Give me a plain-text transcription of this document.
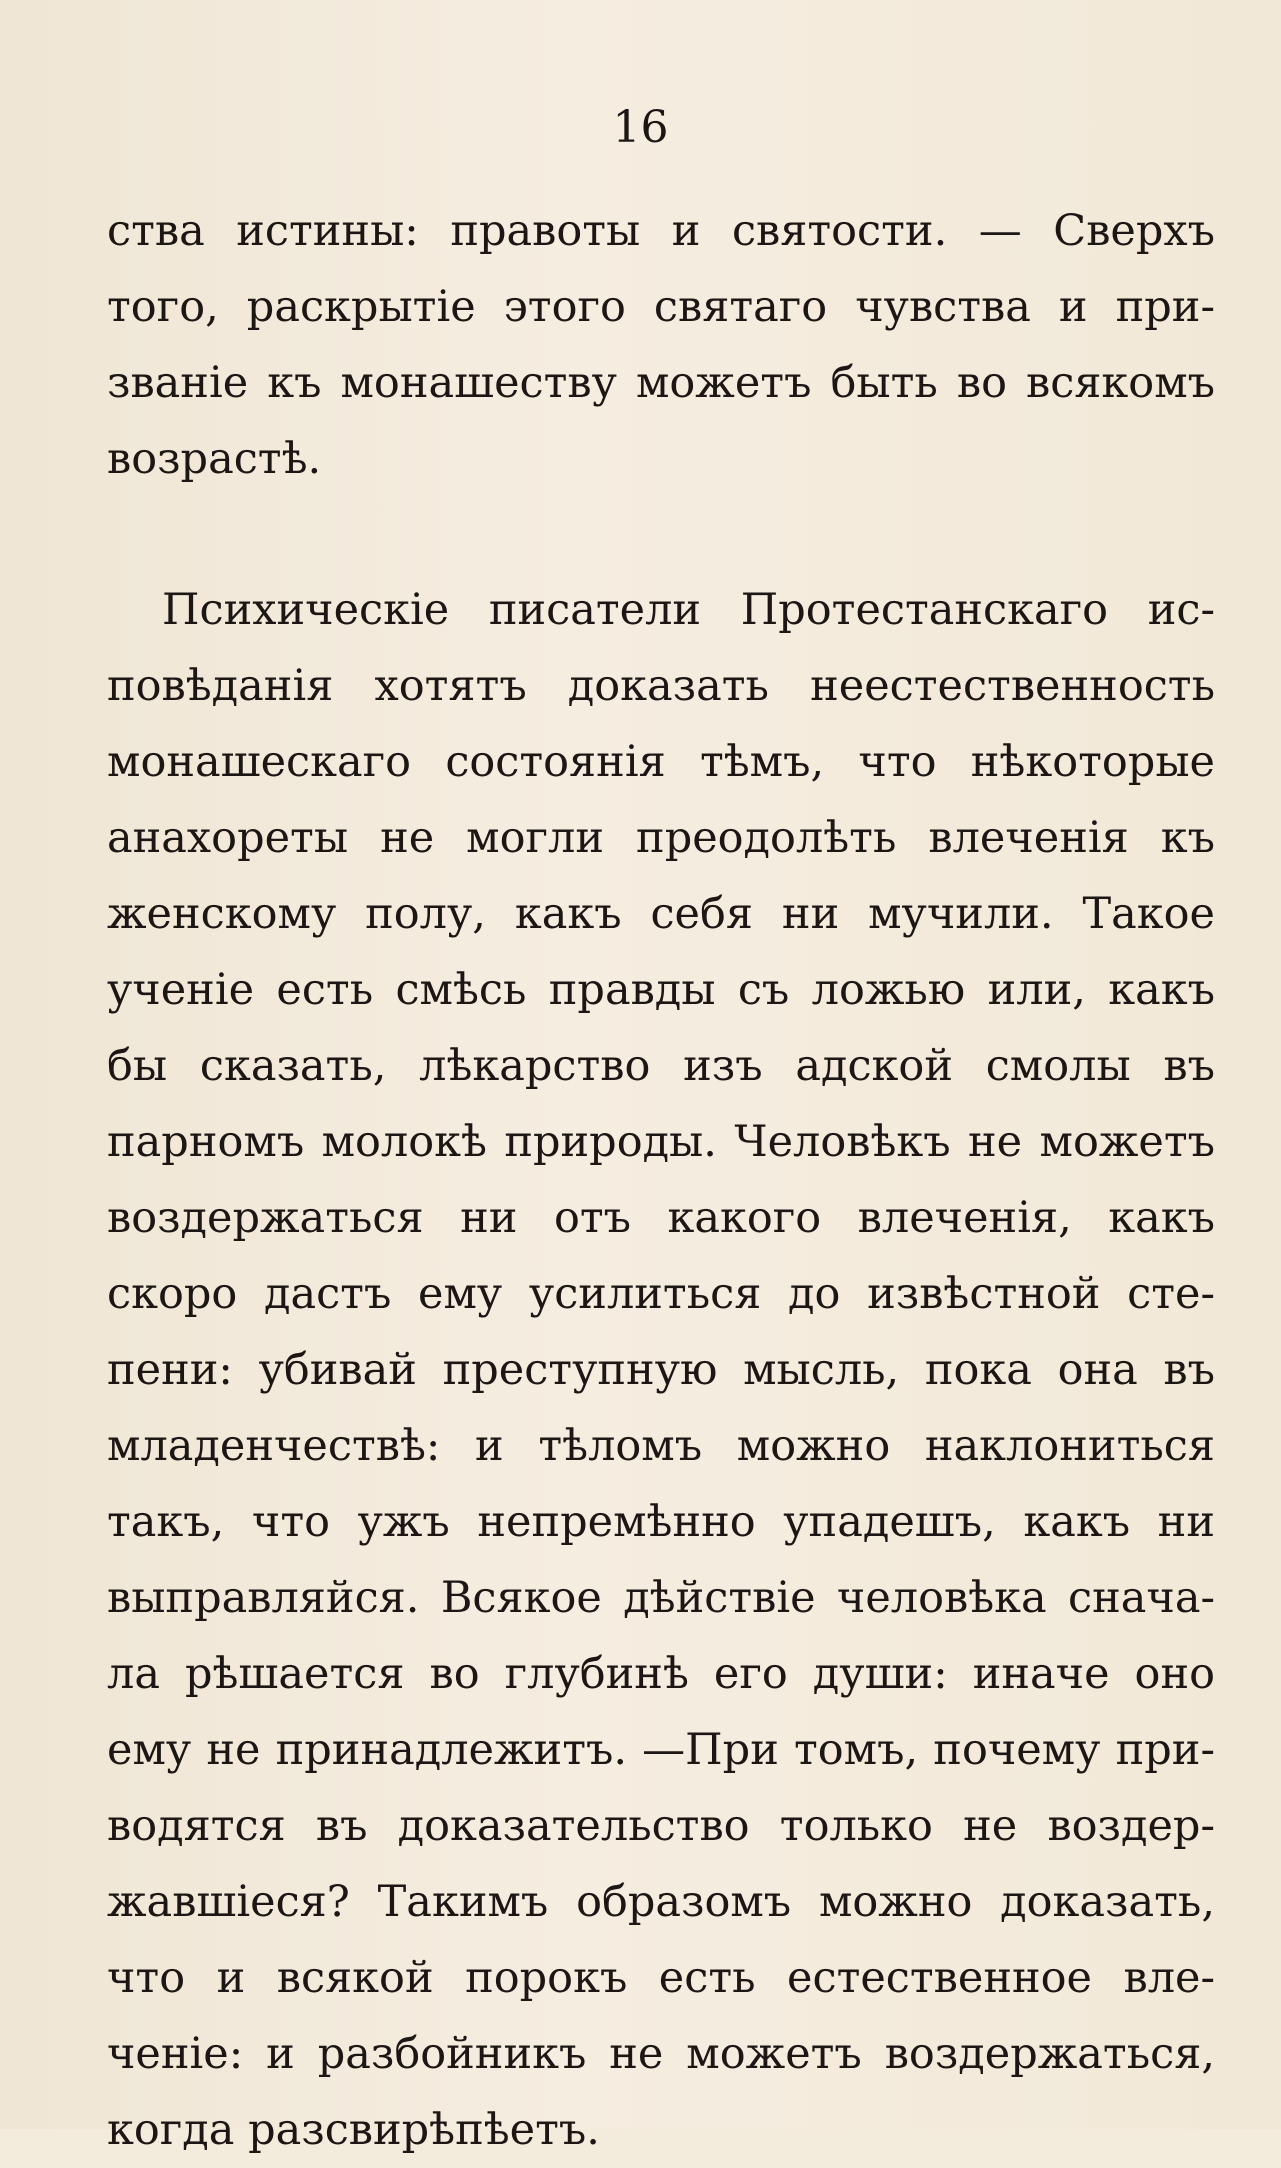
16
ства истины: правоты и святости. — Сверхъ
того, раскрытіе этого святаго чувства и при-
званіе къ монашеству можетъ быть во всякомъ
возрастѣ.
Психическіе писатели Протестанскаго ис-
повѣданія хотятъ доказать неестественность
монашескаго состоянія тѣмъ, что нѣкоторые
анахореты не могли преодолѣть влеченія къ
женскому полу, какъ себя ни мучили. Такое
ученіе есть смѣсь правды съ ложью или, какъ
бы сказать, лѣкарство изъ адской смолы въ
парномъ молокѣ природы. Человѣкъ не можетъ
воздержаться ни отъ какого влеченія, какъ
скоро дастъ ему усилиться до извѣстной сте-
пени: убивай преступную мысль, пока она въ
младенчествѣ: и тѣломъ можно наклониться
такъ, что ужъ непремѣнно упадешъ, какъ ни
выправляйся. Всякое дѣйствіе человѣка снача-
ла рѣшается во глубинѣ его души: иначе оно
ему не принадлежитъ. —При томъ, почему при-
водятся въ доказательство только не воздер-
жавшіеся? Такимъ образомъ можно доказать,
что и всякой порокъ есть естественное вле-
ченіе: и разбойникъ не можетъ воздержаться,
когда разсвирѣпѣетъ.
